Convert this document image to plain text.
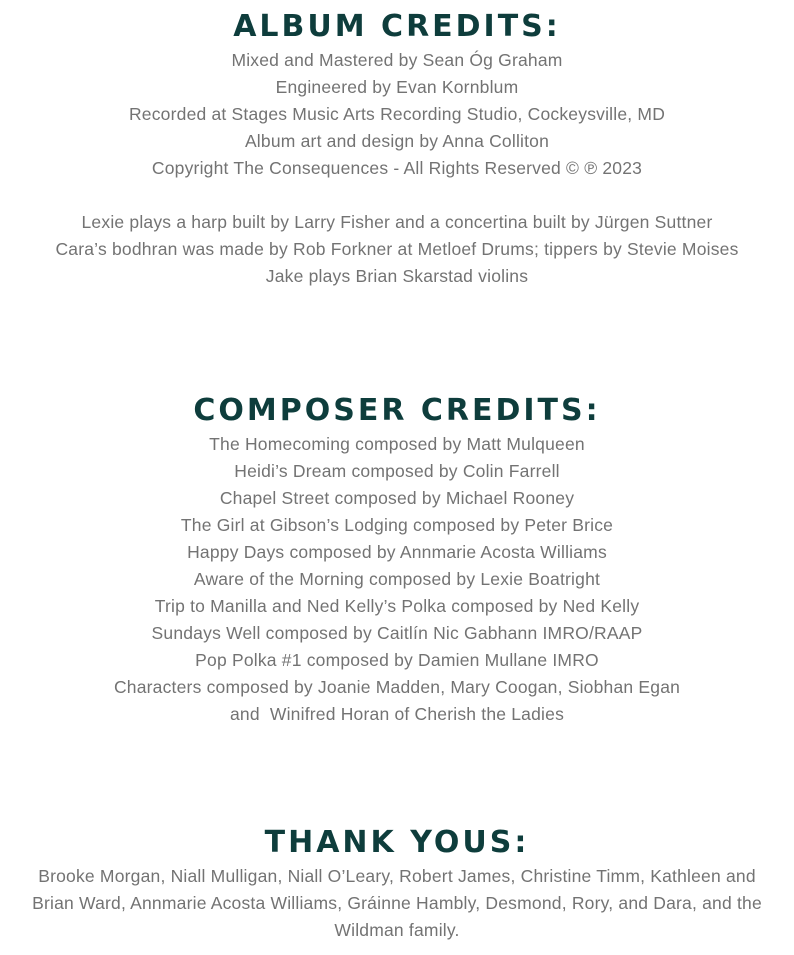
ALBUM CREDITS:
Mixed and Mastered by Sean Óg Graham
Engineered by Evan Kornblum
Recorded at Stages Music Arts Recording Studio, Cockeysville, MD
Album art and design by Anna Colliton
Copyright The Consequences - All Rights Reserved © ℗ 2023
Lexie plays a harp built by Larry Fisher and a concertina built by Jürgen Suttner
Cara’s bodhran was made by Rob Forkner at Metloef Drums; tippers by Stevie Moises
Jake plays Brian Skarstad violins
COMPOSER CREDITS:
The Homecoming composed by Matt Mulqueen
Heidi’s Dream composed by Colin Farrell
Chapel Street composed by Michael Rooney
The Girl at Gibson’s Lodging composed by Peter Brice
Happy Days composed by Annmarie Acosta Williams
Aware of the Morning composed by Lexie Boatright
Trip to Manilla and Ned Kelly’s Polka composed by Ned Kelly
Sundays Well composed by Caitlín Nic Gabhann IMRO/RAAP
Pop Polka #1 composed by Damien Mullane IMRO
Characters composed by Joanie Madden, Mary Coogan, Siobhan Egan
and  Winifred Horan of Cherish the Ladies
THANK YOUS:
Brooke Morgan, Niall Mulligan, Niall O’Leary, Robert James, Christine Timm, Kathleen and Brian Ward, Annmarie Acosta Williams, Gráinne Hambly, Desmond, Rory, and Dara, and the Wildman family.
